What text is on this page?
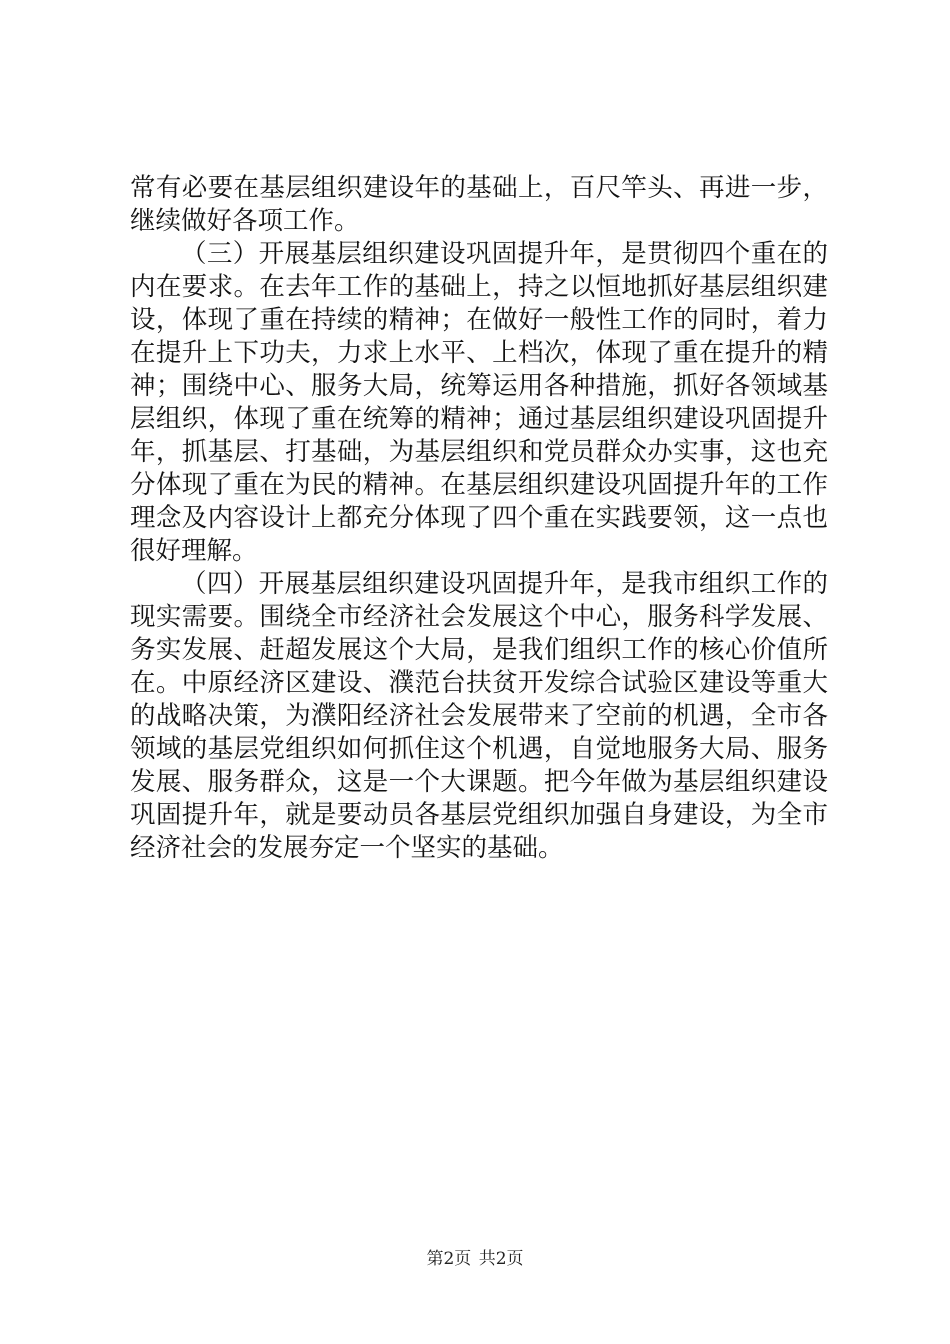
常有必要在基层组织建设年的基础上，百尺竿头、再进一步，
继续做好各项工作。
（三）开展基层组织建设巩固提升年，是贯彻四个重在的
内在要求。在去年工作的基础上，持之以恒地抓好基层组织建
设，体现了重在持续的精神；在做好一般性工作的同时，着力
在提升上下功夫，力求上水平、上档次，体现了重在提升的精
神；围绕中心、服务大局，统筹运用各种措施，抓好各领域基
层组织，体现了重在统筹的精神；通过基层组织建设巩固提升
年，抓基层、打基础，为基层组织和党员群众办实事，这也充
分体现了重在为民的精神。在基层组织建设巩固提升年的工作
理念及内容设计上都充分体现了四个重在实践要领，这一点也
很好理解。
（四）开展基层组织建设巩固提升年，是我市组织工作的
现实需要。围绕全市经济社会发展这个中心，服务科学发展、
务实发展、赶超发展这个大局，是我们组织工作的核心价值所
在。中原经济区建设、濮范台扶贫开发综合试验区建设等重大
的战略决策，为濮阳经济社会发展带来了空前的机遇，全市各
领域的基层党组织如何抓住这个机遇，自觉地服务大局、服务
发展、服务群众，这是一个大课题。把今年做为基层组织建设
巩固提升年，就是要动员各基层党组织加强自身建设，为全市
经济社会的发展夯定一个坚实的基础。
第2页 共2页
